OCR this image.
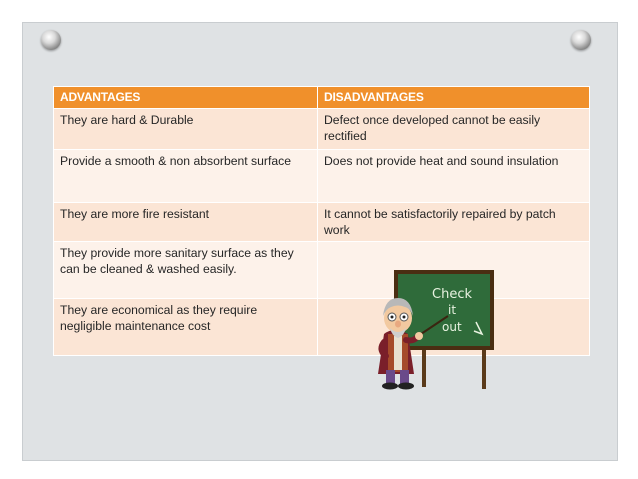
ADVANTAGES	DISADVANTAGES
They are hard & Durable	Defect once developed cannot be easily rectified
Provide a smooth & non absorbent surface	Does not provide heat and sound insulation
They are more fire resistant	It cannot be satisfactorily repaired by patch work
They provide more sanitary surface as they can be cleaned & washed easily.	
They are economical as they require negligible maintenance cost	
Check
it
out
